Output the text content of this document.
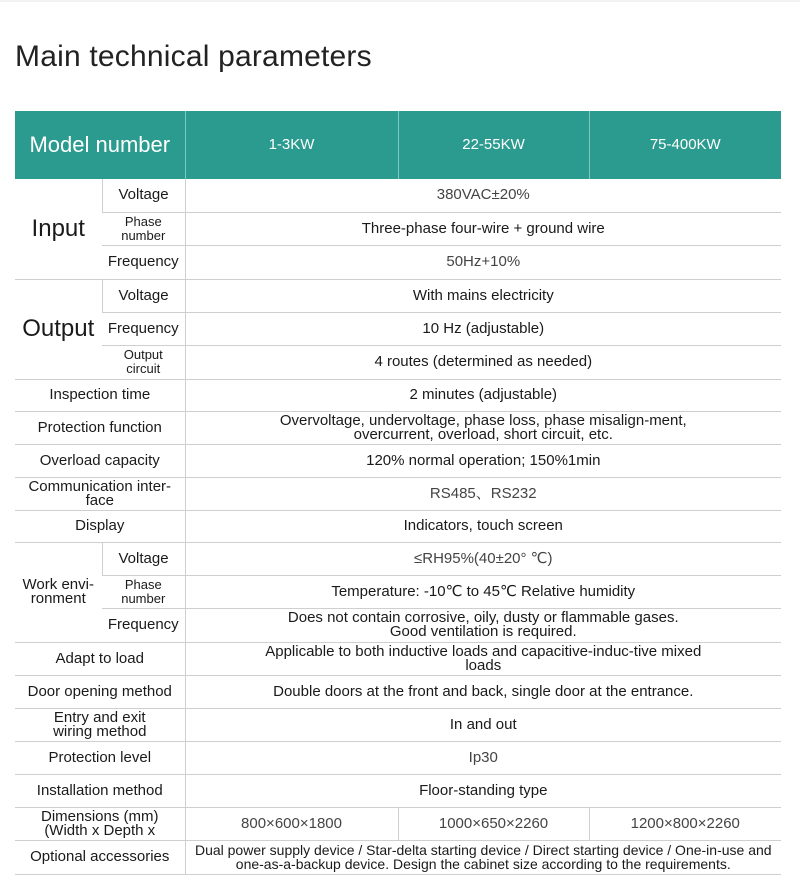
Main technical parameters
Model number		1-3KW	22-55KW	75-400KW
Input	Voltage	380VAC±20%		
	Phase number	Three-phase four-wire + ground wire		
	Frequency	50Hz+10%		
Output	Voltage	With mains electricity		
	Frequency	10 Hz (adjustable)		
	Output circuit	4 routes (determined as needed)		
Inspection time		2 minutes (adjustable)		
Protection function		Overvoltage, undervoltage, phase loss, phase misalign-ment, overcurrent, overload, short circuit, etc.		
Overload capacity		120% normal operation; 150%1min		
Communication inter-face		RS485、RS232		
Display		Indicators, touch screen		
Work envi-ronment	Voltage	≤RH95%(40±20° ℃)		
	Phase number	Temperature: -10℃ to 45℃ Relative humidity		
	Frequency	Does not contain corrosive, oily, dusty or flammable gases. Good ventilation is required.		
Adapt to load		Applicable to both inductive loads and capacitive-induc-tive mixed loads		
Door opening method		Double doors at the front and back, single door at the entrance.		
Entry and exit wiring method		In and out		
Protection level		Ip30		
Installation method		Floor-standing type		
Dimensions (mm) (Width x Depth x		800×600×1800	1000×650×2260	1200×800×2260
Optional accessories		Dual power supply device / Star-delta starting device / Direct starting device / One-in-use and one-as-a-backup device. Design the cabinet size according to the requirements.		
